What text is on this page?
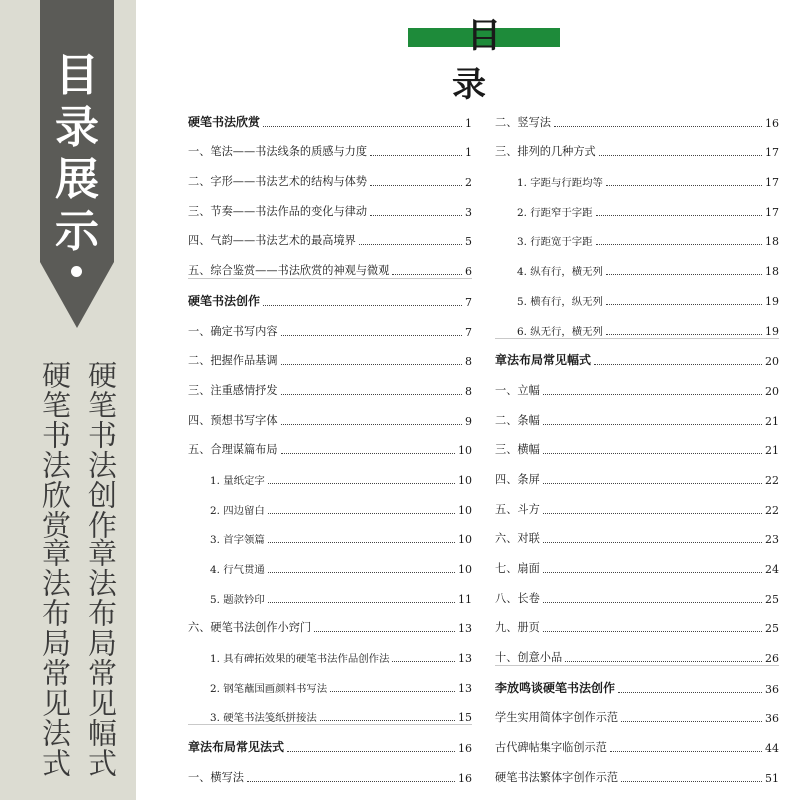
目录展示
硬笔书法创作
硬笔书法欣赏
章法布局常见幅式
章法布局常见法式
目录
硬笔书法欣赏	1
一、笔法——书法线条的质感与力度	1
二、字形——书法艺术的结构与体势	2
三、节奏——书法作品的变化与律动	3
四、气韵——书法艺术的最高境界	5
五、综合鉴赏——书法欣赏的神观与微观	6
硬笔书法创作	7
一、确定书写内容	7
二、把握作品基调	8
三、注重感情抒发	8
四、预想书写字体	9
五、合理谋篇布局	10
1. 量纸定字	10
2. 四边留白	10
3. 首字领篇	10
4. 行气贯通	10
5. 题款钤印	11
六、硬笔书法创作小窍门	13
1. 具有碑拓效果的硬笔书法作品创作法	13
2. 钢笔蘸国画颜料书写法	13
3. 硬笔书法笺纸拼接法	15
章法布局常见法式	16
一、横写法	16
二、竖写法	16
三、排列的几种方式	17
1. 字距与行距均等	17
2. 行距窄于字距	17
3. 行距宽于字距	18
4. 纵有行，横无列	18
5. 横有行，纵无列	19
6. 纵无行，横无列	19
章法布局常见幅式	20
一、立幅	20
二、条幅	21
三、横幅	21
四、条屏	22
五、斗方	22
六、对联	23
七、扇面	24
八、长卷	25
九、册页	25
十、创意小品	26
李放鸣谈硬笔书法创作	36
学生实用简体字创作示范	36
古代碑帖集字临创示范	44
硬笔书法繁体字创作示范	51
